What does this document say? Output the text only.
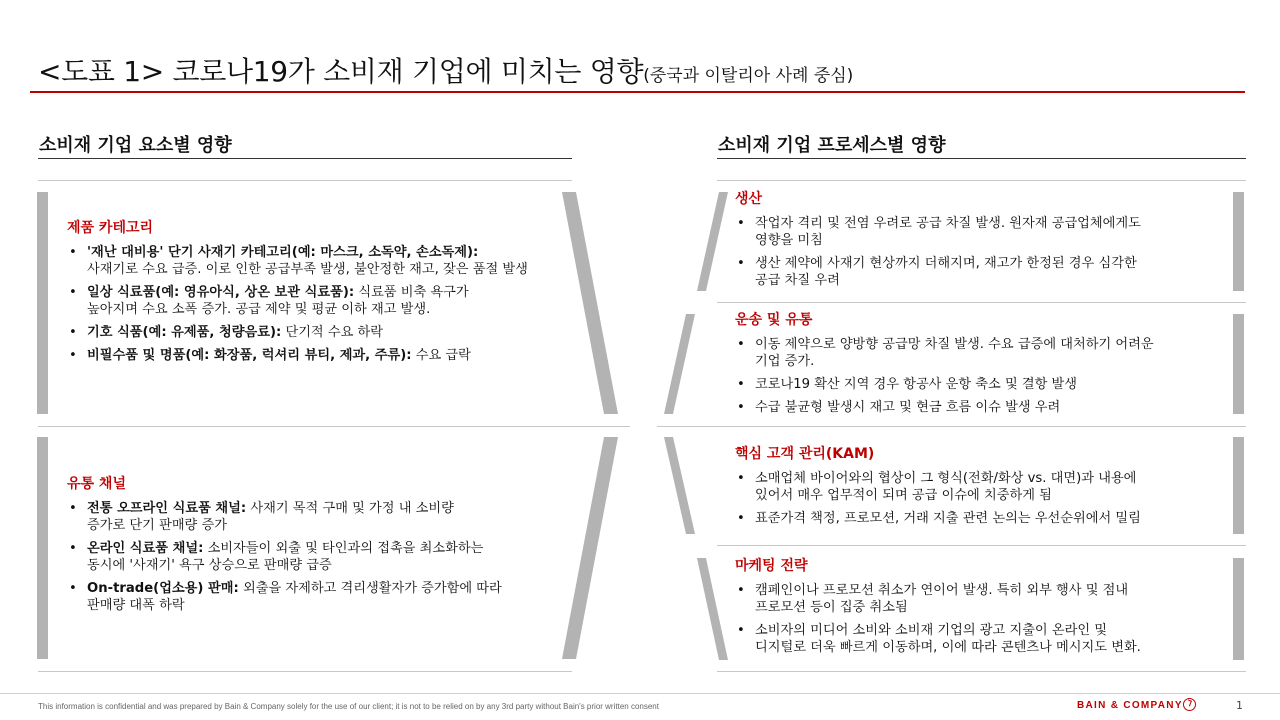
<도표 1> 코로나19가 소비재 기업에 미치는 영향(중국과 이탈리아 사례 중심)
소비재 기업 요소별 영향	소비재 기업 프로세스별 영향
제품 카테고리
• '재난 대비용' 단기 사재기 카테고리(예: 마스크, 소독약, 손소독제):
사재기로 수요 급증. 이로 인한 공급부족 발생, 불안정한 재고, 잦은 품절 발생
• 일상 식료품(예: 영유아식, 상온 보관 식료품): 식료품 비축 욕구가
높아지며 수요 소폭 증가. 공급 제약 및 평균 이하 재고 발생.
• 기호 식품(예: 유제품, 청량음료): 단기적 수요 하락
• 비필수품 및 명품(예: 화장품, 럭셔리 뷰티, 제과, 주류): 수요 급락
유통 채널
• 전통 오프라인 식료품 채널: 사재기 목적 구매 및 가정 내 소비량
증가로 단기 판매량 증가
• 온라인 식료품 채널: 소비자들이 외출 및 타인과의 접촉을 최소화하는
동시에 '사재기' 욕구 상승으로 판매량 급증
• On-trade(업소용) 판매: 외출을 자제하고 격리생활자가 증가함에 따라
판매량 대폭 하락
생산
• 작업자 격리 및 전염 우려로 공급 차질 발생. 원자재 공급업체에게도
영향을 미침
• 생산 제약에 사재기 현상까지 더해지며, 재고가 한정된 경우 심각한
공급 차질 우려
운송 및 유통
• 이동 제약으로 양방향 공급망 차질 발생. 수요 급증에 대처하기 어려운
기업 증가.
• 코로나19 확산 지역 경우 항공사 운항 축소 및 결항 발생
• 수급 불균형 발생시 재고 및 현금 흐름 이슈 발생 우려
핵심 고객 관리(KAM)
• 소매업체 바이어와의 협상이 그 형식(전화/화상 vs. 대면)과 내용에
있어서 매우 업무적이 되며 공급 이슈에 치중하게 됨
• 표준가격 책정, 프로모션, 거래 지출 관련 논의는 우선순위에서 밀림
마케팅 전략
• 캠페인이나 프로모션 취소가 연이어 발생. 특히 외부 행사 및 점내
프로모션 등이 집중 취소됨
• 소비자의 미디어 소비와 소비재 기업의 광고 지출이 온라인 및
디지털로 더욱 빠르게 이동하며, 이에 따라 콘텐츠나 메시지도 변화.
This information is confidential and was prepared by Bain & Company solely for the use of our client; it is not to be relied on by any 3rd party without Bain's prior written consent	BAIN & COMPANY	1
